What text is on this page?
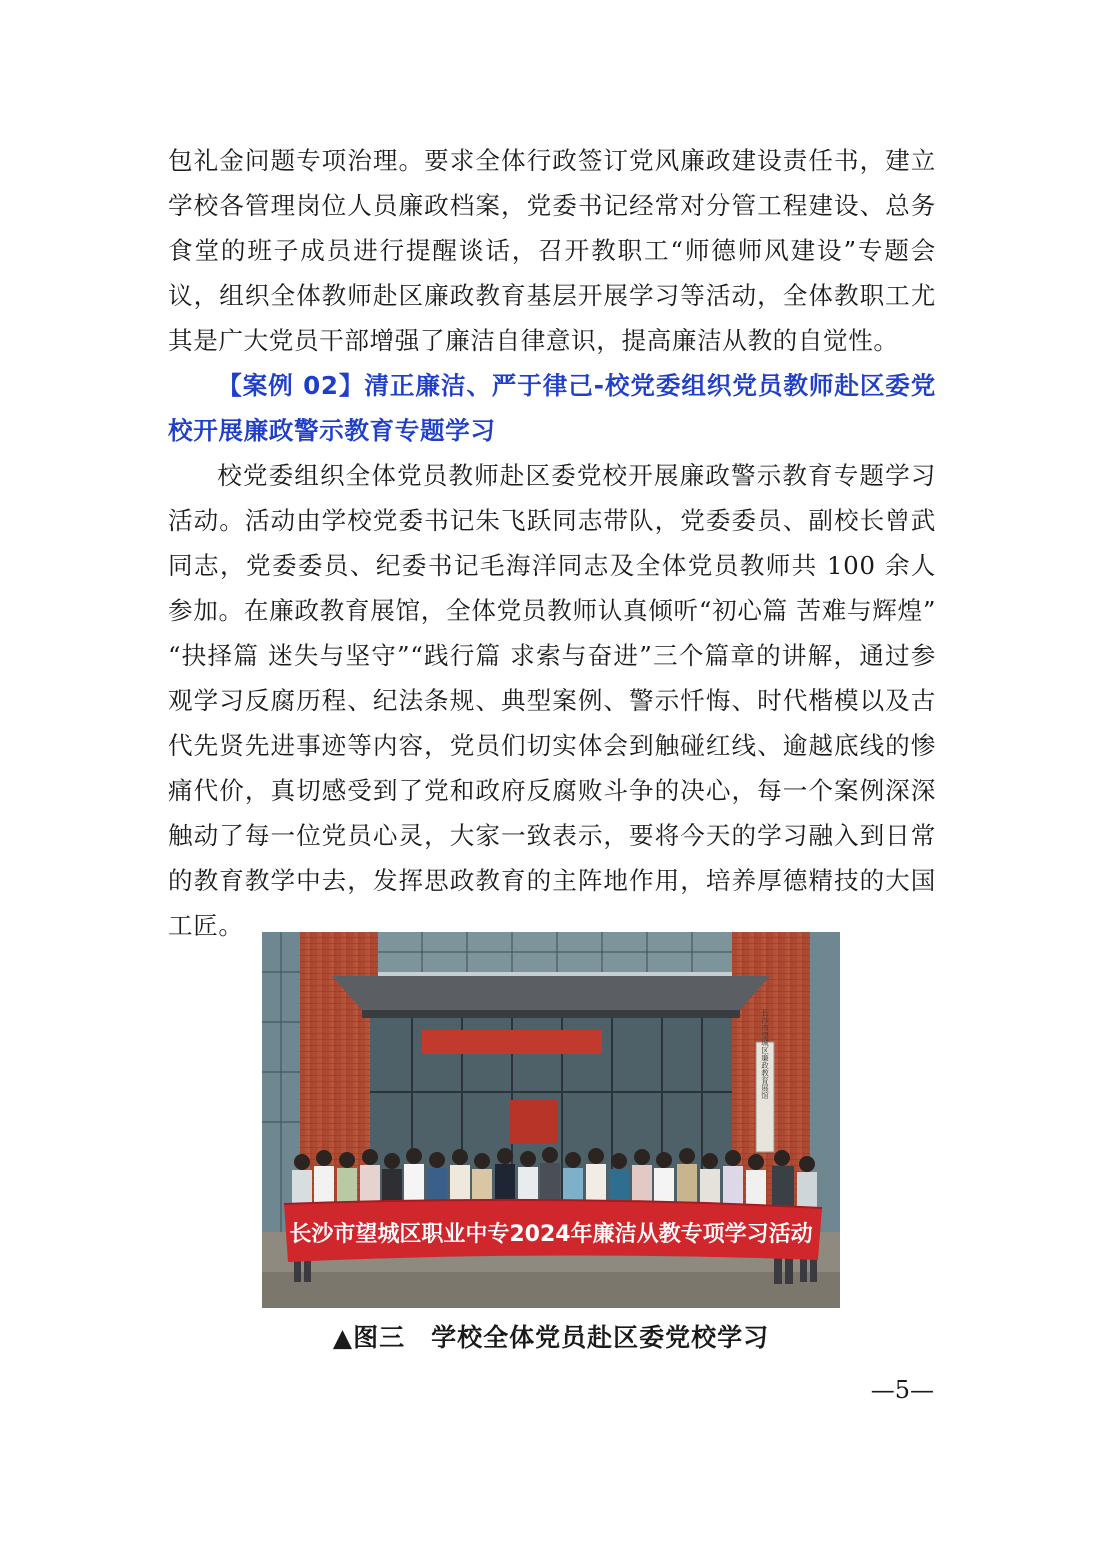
包礼金问题专项治理。要求全体行政签订党风廉政建设责任书，建立学校各管理岗位人员廉政档案，党委书记经常对分管工程建设、总务食堂的班子成员进行提醒谈话，召开教职工“师德师风建设”专题会议，组织全体教师赴区廉政教育基层开展学习等活动，全体教职工尤其是广大党员干部增强了廉洁自律意识，提高廉洁从教的自觉性。

【案例 02】清正廉洁、严于律己-校党委组织党员教师赴区委党校开展廉政警示教育专题学习

校党委组织全体党员教师赴区委党校开展廉政警示教育专题学习活动。活动由学校党委书记朱飞跃同志带队，党委委员、副校长曾武同志，党委委员、纪委书记毛海洋同志及全体党员教师共 100 余人参加。在廉政教育展馆，全体党员教师认真倾听“初心篇 苦难与辉煌” “抉择篇 迷失与坚守”“践行篇 求索与奋进”三个篇章的讲解，通过参观学习反腐历程、纪法条规、典型案例、警示忏悔、时代楷模以及古代先贤先进事迹等内容，党员们切实体会到触碰红线、逾越底线的惨痛代价，真切感受到了党和政府反腐败斗争的决心，每一个案例深深触动了每一位党员心灵，大家一致表示，要将今天的学习融入到日常的教育教学中去，发挥思政教育的主阵地作用，培养厚德精技的大国工匠。

长沙市望城区廉政教育展馆
长沙市望城区职业中专2024年廉洁从教专项学习活动
▲图三　学校全体党员赴区委党校学习
—5—
